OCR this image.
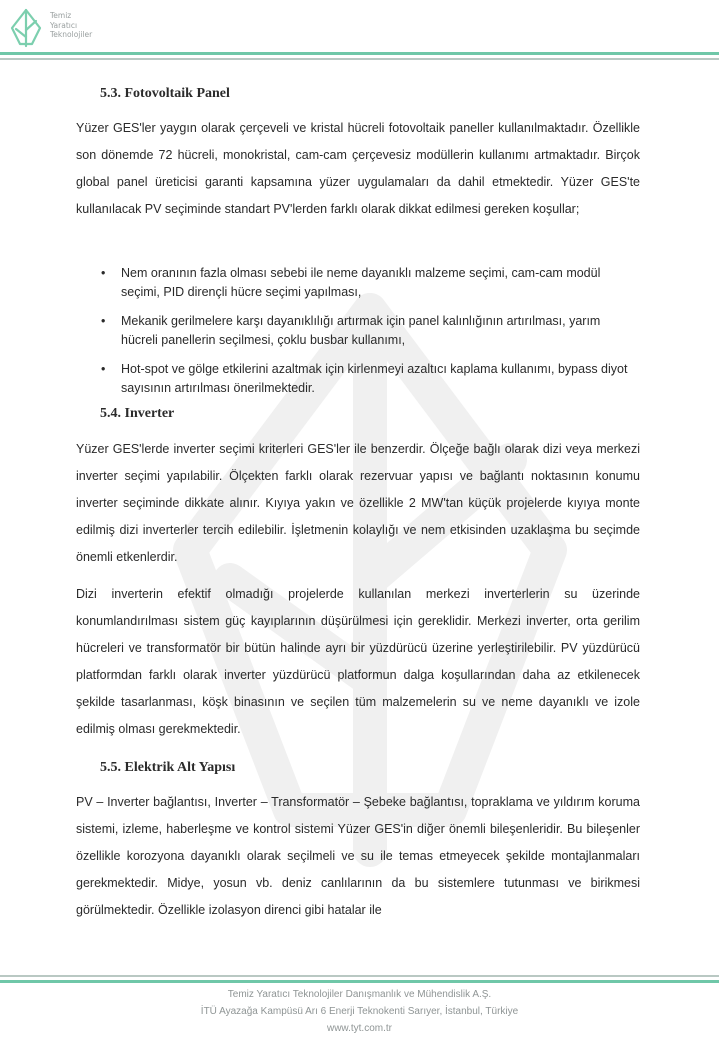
Temiz
Yaratıcı
Teknolojiler
5.3. Fotovoltaik Panel

Yüzer GES'ler yaygın olarak çerçeveli ve kristal hücreli fotovoltaik paneller kullanılmaktadır. Özellikle son dönemde 72 hücreli, monokristal, cam-cam çerçevesiz modüllerin kullanımı artmaktadır. Birçok global panel üreticisi garanti kapsamına yüzer uygulamaları da dahil etmektedir. Yüzer GES'te kullanılacak PV seçiminde standart PV'lerden farklı olarak dikkat edilmesi gereken koşullar;

• Nem oranının fazla olması sebebi ile neme dayanıklı malzeme seçimi, cam-cam modül seçimi, PID dirençli hücre seçimi yapılması,
• Mekanik gerilmelere karşı dayanıklılığı artırmak için panel kalınlığının artırılması, yarım hücreli panellerin seçilmesi, çoklu busbar kullanımı,
• Hot-spot ve gölge etkilerini azaltmak için kirlenmeyi azaltıcı kaplama kullanımı, bypass diyot sayısının artırılması önerilmektedir.
5.4. Inverter

Yüzer GES'lerde inverter seçimi kriterleri GES'ler ile benzerdir. Ölçeğe bağlı olarak dizi veya merkezi inverter seçimi yapılabilir. Ölçekten farklı olarak rezervuar yapısı ve bağlantı noktasının konumu inverter seçiminde dikkate alınır. Kıyıya yakın ve özellikle 2 MW'tan küçük projelerde kıyıya monte edilmiş dizi inverterler tercih edilebilir. İşletmenin kolaylığı ve nem etkisinden uzaklaşma bu seçimde önemli etkenlerdir.

Dizi inverterin efektif olmadığı projelerde kullanılan merkezi inverterlerin su üzerinde konumlandırılması sistem güç kayıplarının düşürülmesi için gereklidir. Merkezi inverter, orta gerilim hücreleri ve transformatör bir bütün halinde ayrı bir yüzdürücü üzerine yerleştirilebilir. PV yüzdürücü platformdan farklı olarak inverter yüzdürücü platformun dalga koşullarından daha az etkilenecek şekilde tasarlanması, köşk binasının ve seçilen tüm malzemelerin su ve neme dayanıklı ve izole edilmiş olması gerekmektedir.

5.5. Elektrik Alt Yapısı

PV – Inverter bağlantısı, Inverter – Transformatör – Şebeke bağlantısı, topraklama ve yıldırım koruma sistemi, izleme, haberleşme ve kontrol sistemi Yüzer GES'in diğer önemli bileşenleridir. Bu bileşenler özellikle korozyona dayanıklı olarak seçilmeli ve su ile temas etmeyecek şekilde montajlanmaları gerekmektedir. Midye, yosun vb. deniz canlılarının da bu sistemlere tutunması ve birikmesi görülmektedir. Özellikle izolasyon direnci gibi hatalar ile

Temiz Yaratıcı Teknolojiler Danışmanlık ve Mühendislik A.Ş.
İTÜ Ayazağa Kampüsü Arı 6 Enerji Teknokenti Sarıyer, İstanbul, Türkiye
www.tyt.com.tr
